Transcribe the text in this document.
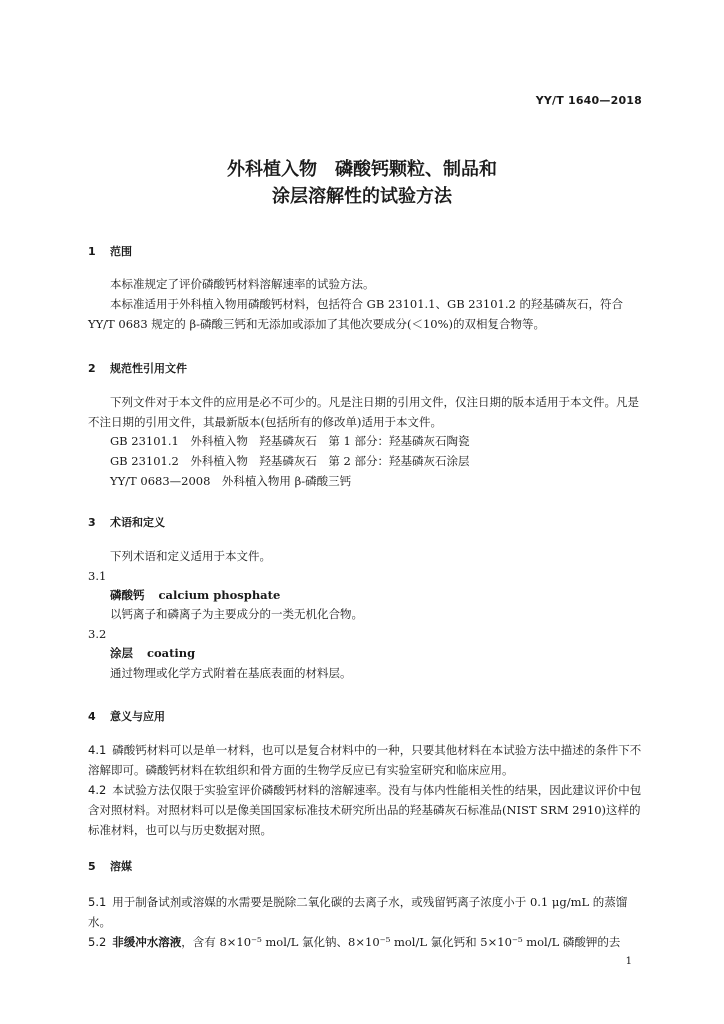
YY/T 1640—2018
外科植入物　磷酸钙颗粒、制品和
涂层溶解性的试验方法
1 范围
本标准规定了评价磷酸钙材料溶解速率的试验方法。
本标准适用于外科植入物用磷酸钙材料，包括符合 GB 23101.1、GB 23101.2 的羟基磷灰石，符合YY/T 0683 规定的 β-磷酸三钙和无添加或添加了其他次要成分(＜10%)的双相复合物等。
2 规范性引用文件
下列文件对于本文件的应用是必不可少的。凡是注日期的引用文件，仅注日期的版本适用于本文件。凡是不注日期的引用文件，其最新版本(包括所有的修改单)适用于本文件。
GB 23101.1　外科植入物　羟基磷灰石　第 1 部分：羟基磷灰石陶瓷
GB 23101.2　外科植入物　羟基磷灰石　第 2 部分：羟基磷灰石涂层
YY/T 0683—2008　外科植入物用 β-磷酸三钙
3 术语和定义
下列术语和定义适用于本文件。
3.1
磷酸钙 calcium phosphate
以钙离子和磷离子为主要成分的一类无机化合物。
3.2
涂层 coating
通过物理或化学方式附着在基底表面的材料层。
4 意义与应用
4.1 磷酸钙材料可以是单一材料，也可以是复合材料中的一种，只要其他材料在本试验方法中描述的条件下不溶解即可。磷酸钙材料在软组织和骨方面的生物学反应已有实验室研究和临床应用。
4.2 本试验方法仅限于实验室评价磷酸钙材料的溶解速率。没有与体内性能相关性的结果，因此建议评价中包含对照材料。对照材料可以是像美国国家标准技术研究所出品的羟基磷灰石标准品(NIST SRM 2910)这样的标准材料，也可以与历史数据对照。
5 溶媒
5.1 用于制备试剂或溶媒的水需要是脱除二氧化碳的去离子水，或残留钙离子浓度小于 0.1 μg/mL 的蒸馏水。
5.2 非缓冲水溶液，含有 8×10⁻⁵ mol/L 氯化钠、8×10⁻⁵ mol/L 氯化钙和 5×10⁻⁵ mol/L 磷酸钾的去
1
